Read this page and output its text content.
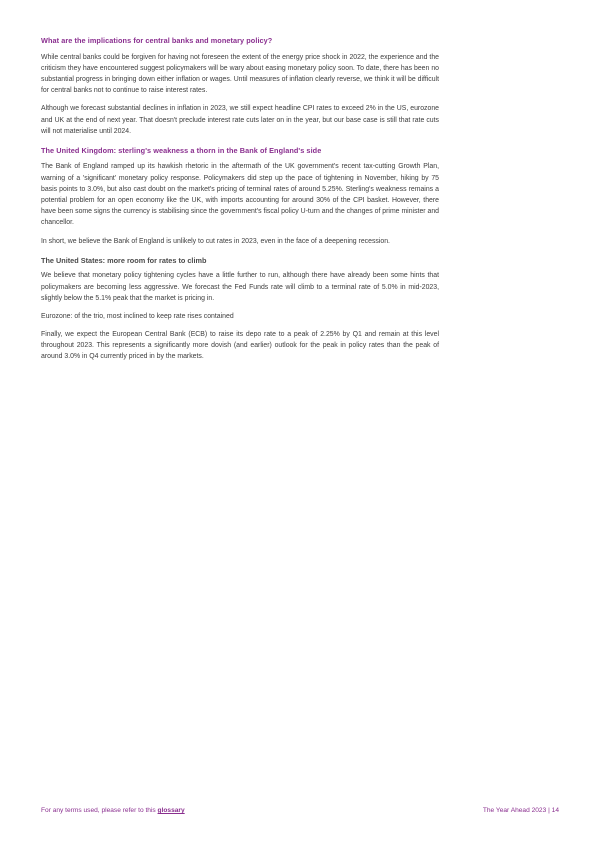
What are the implications for central banks and monetary policy?

While central banks could be forgiven for having not foreseen the extent of the energy price shock in 2022, the experience and the criticism they have encountered suggest policymakers will be wary about easing monetary policy soon. To date, there has been no substantial progress in bringing down either inflation or wages. Until measures of inflation clearly reverse, we think it will be difficult for central banks not to continue to raise interest rates.

Although we forecast substantial declines in inflation in 2023, we still expect headline CPI rates to exceed 2% in the US, eurozone and UK at the end of next year. That doesn't preclude interest rate cuts later on in the year, but our base case is still that rate cuts will not materialise until 2024.

The United Kingdom: sterling's weakness a thorn in the Bank of England's side

The Bank of England ramped up its hawkish rhetoric in the aftermath of the UK government's recent tax-cutting Growth Plan, warning of a 'significant' monetary policy response. Policymakers did step up the pace of tightening in November, hiking by 75 basis points to 3.0%, but also cast doubt on the market's pricing of terminal rates of around 5.25%. Sterling's weakness remains a potential problem for an open economy like the UK, with imports accounting for around 30% of the CPI basket. However, there have been some signs the currency is stabilising since the government's fiscal policy U-turn and the changes of prime minister and chancellor.

In short, we believe the Bank of England is unlikely to cut rates in 2023, even in the face of a deepening recession.

The United States: more room for rates to climb

We believe that monetary policy tightening cycles have a little further to run, although there have already been some hints that policymakers are becoming less aggressive. We forecast the Fed Funds rate will climb to a terminal rate of 5.0% in mid-2023, slightly below the 5.1% peak that the market is pricing in.

Eurozone: of the trio, most inclined to keep rate rises contained

Finally, we expect the European Central Bank (ECB) to raise its depo rate to a peak of 2.25% by Q1 and remain at this level throughout 2023. This represents a significantly more dovish (and earlier) outlook for the peak in policy rates than the peak of around 3.0% in Q4 currently priced in by the markets.

For any terms used, please refer to this glossary	The Year Ahead 2023 | 14
